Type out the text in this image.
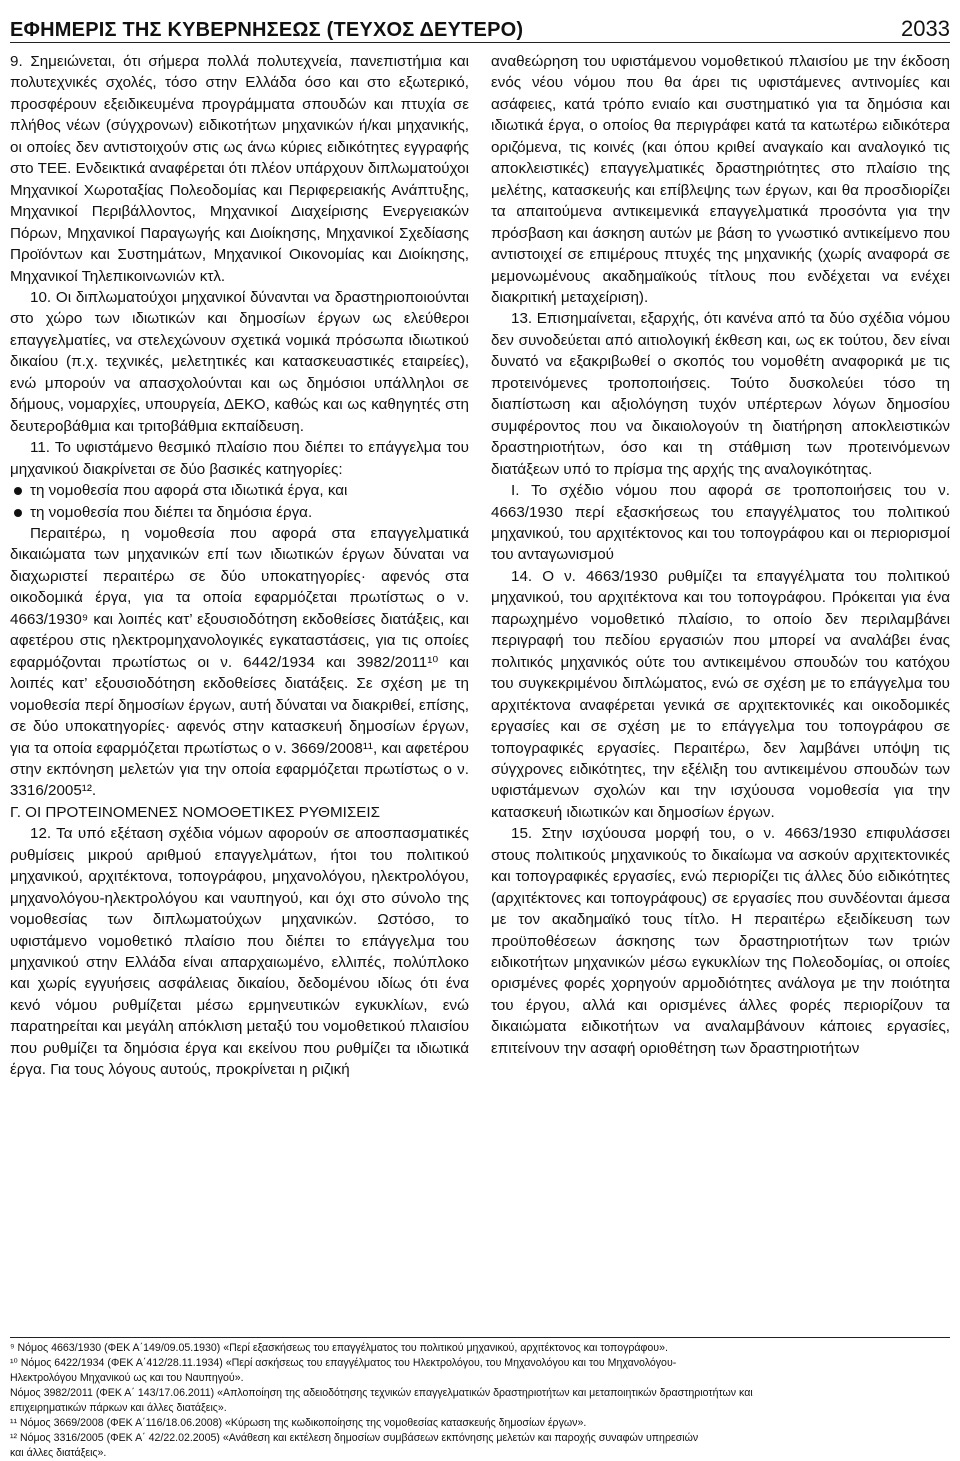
ΕΦΗΜΕΡΙΣ ΤΗΣ ΚΥΒΕΡΝΗΣΕΩΣ (ΤΕΥΧΟΣ ΔΕΥΤΕΡΟ)	2033

9. Σημειώνεται, ότι σήμερα πολλά πολυτεχνεία, πανεπιστήμια και πολυτεχνικές σχολές, τόσο στην Ελλάδα όσο και στο εξωτερικό, προσφέρουν εξειδικευμένα προγράμματα σπουδών και πτυχία σε πλήθος νέων (σύγχρονων) ειδικοτήτων μηχανικών ή/και μηχανικής, οι οποίες δεν αντιστοιχούν στις ως άνω κύριες ειδικότητες εγγραφής στο ΤΕΕ. Ενδεικτικά αναφέρεται ότι πλέον υπάρχουν διπλωματούχοι Μηχανικοί Χωροταξίας Πολεοδομίας και Περιφερειακής Ανάπτυξης, Μηχανικοί Περιβάλλοντος, Μηχανικοί Διαχείρισης Ενεργειακών Πόρων, Μηχανικοί Παραγωγής και Διοίκησης, Μηχανικοί Σχεδίασης Προϊόντων και Συστημάτων, Μηχανικοί Οικονομίας και Διοίκησης, Μηχανικοί Τηλεπικοινωνιών κτλ.

10. Οι διπλωματούχοι μηχανικοί δύνανται να δραστηριοποιούνται στο χώρο των ιδιωτικών και δημοσίων έργων ως ελεύθεροι επαγγελματίες, να στελεχώνουν σχετικά νομικά πρόσωπα ιδιωτικού δικαίου (π.χ. τεχνικές, μελετητικές και κατασκευαστικές εταιρείες), ενώ μπορούν να απασχολούνται και ως δημόσιοι υπάλληλοι σε δήμους, νομαρχίες, υπουργεία, ΔΕΚΟ, καθώς και ως καθηγητές στη δευτεροβάθμια και τριτοβάθμια εκπαίδευση.

11. Το υφιστάμενο θεσμικό πλαίσιο που διέπει το επάγγελμα του μηχανικού διακρίνεται σε δύο βασικές κατηγορίες:

τη νομοθεσία που αφορά στα ιδιωτικά έργα, και
τη νομοθεσία που διέπει τα δημόσια έργα.

Περαιτέρω, η νομοθεσία που αφορά στα επαγγελματικά δικαιώματα των μηχανικών επί των ιδιωτικών έργων δύναται να διαχωριστεί περαιτέρω σε δύο υποκατηγορίες· αφενός στα οικοδομικά έργα, για τα οποία εφαρμόζεται πρωτίστως ο ν. 4663/1930⁹ και λοιπές κατ’ εξουσιοδότηση εκδοθείσες διατάξεις, και αφετέρου στις ηλεκτρομηχανολογικές εγκαταστάσεις, για τις οποίες εφαρμόζονται πρωτίστως οι ν. 6442/1934 και 3982/2011¹⁰ και λοιπές κατ’ εξουσιοδότηση εκδοθείσες διατάξεις. Σε σχέση με τη νομοθεσία περί δημοσίων έργων, αυτή δύναται να διακριθεί, επίσης, σε δύο υποκατηγορίες· αφενός στην κατασκευή δημοσίων έργων, για τα οποία εφαρμόζεται πρωτίστως ο ν. 3669/2008¹¹, και αφετέρου στην εκπόνηση μελετών για την οποία εφαρμόζεται πρωτίστως ο ν. 3316/2005¹².

Γ. ΟΙ ΠΡΟΤΕΙΝΟΜΕΝΕΣ ΝΟΜΟΘΕΤΙΚΕΣ ΡΥΘΜΙΣΕΙΣ

12. Τα υπό εξέταση σχέδια νόμων αφορούν σε αποσπασματικές ρυθμίσεις μικρού αριθμού επαγγελμάτων, ήτοι του πολιτικού μηχανικού, αρχιτέκτονα, τοπογράφου, μηχανολόγου, ηλεκτρολόγου, μηχανολόγου-ηλεκτρολόγου και ναυπηγού, και όχι στο σύνολο της νομοθεσίας των διπλωματούχων μηχανικών. Ωστόσο, το υφιστάμενο νομοθετικό πλαίσιο που διέπει το επάγγελμα του μηχανικού στην Ελλάδα είναι απαρχαιωμένο, ελλιπές, πολύπλοκο και χωρίς εγγυήσεις ασφάλειας δικαίου, δεδομένου ιδίως ότι ένα κενό νόμου ρυθμίζεται μέσω ερμηνευτικών εγκυκλίων, ενώ παρατηρείται και μεγάλη απόκλιση μεταξύ του νομοθετικού πλαισίου που ρυθμίζει τα δημόσια έργα και εκείνου που ρυθμίζει τα ιδιωτικά έργα. Για τους λόγους αυτούς, προκρίνεται η ριζική

αναθεώρηση του υφιστάμενου νομοθετικού πλαισίου με την έκδοση ενός νέου νόμου που θα άρει τις υφιστάμενες αντινομίες και ασάφειες, κατά τρόπο ενιαίο και συστηματικό για τα δημόσια και ιδιωτικά έργα, ο οποίος θα περιγράφει κατά τα κατωτέρω ειδικότερα οριζόμενα, τις κοινές (και όπου κριθεί αναγκαίο και αναλογικό τις αποκλειστικές) επαγγελματικές δραστηριότητες στο πλαίσιο της μελέτης, κατασκευής και επίβλεψης των έργων, και θα προσδιορίζει τα απαιτούμενα αντικειμενικά επαγγελματικά προσόντα για την πρόσβαση και άσκηση αυτών με βάση το γνωστικό αντικείμενο που αντιστοιχεί σε επιμέρους πτυχές της μηχανικής (χωρίς αναφορά σε μεμονωμένους ακαδημαϊκούς τίτλους που ενδέχεται να ενέχει διακριτική μεταχείριση).

13. Επισημαίνεται, εξαρχής, ότι κανένα από τα δύο σχέδια νόμου δεν συνοδεύεται από αιτιολογική έκθεση και, ως εκ τούτου, δεν είναι δυνατό να εξακριβωθεί ο σκοπός του νομοθέτη αναφορικά με τις προτεινόμενες τροποποιήσεις. Τούτο δυσκολεύει τόσο τη διαπίστωση και αξιολόγηση τυχόν υπέρτερων λόγων δημοσίου συμφέροντος που να δικαιολογούν τη διατήρηση αποκλειστικών δραστηριοτήτων, όσο και τη στάθμιση των προτεινόμενων διατάξεων υπό το πρίσμα της αρχής της αναλογικότητας.

Ι. Το σχέδιο νόμου που αφορά σε τροποποιήσεις του ν. 4663/1930 περί εξασκήσεως του επαγγέλματος του πολιτικού μηχανικού, του αρχιτέκτονος και του τοπογράφου και οι περιορισμοί του ανταγωνισμού

14. Ο ν. 4663/1930 ρυθμίζει τα επαγγέλματα του πολιτικού μηχανικού, του αρχιτέκτονα και του τοπογράφου. Πρόκειται για ένα παρωχημένο νομοθετικό πλαίσιο, το οποίο δεν περιλαμβάνει περιγραφή του πεδίου εργασιών που μπορεί να αναλάβει ένας πολιτικός μηχανικός ούτε του αντικειμένου σπουδών του κατόχου του συγκεκριμένου διπλώματος, ενώ σε σχέση με το επάγγελμα του αρχιτέκτονα αναφέρεται γενικά σε αρχιτεκτονικές και οικοδομικές εργασίες και σε σχέση με το επάγγελμα του τοπογράφου σε τοπογραφικές εργασίες. Περαιτέρω, δεν λαμβάνει υπόψη τις σύγχρονες ειδικότητες, την εξέλιξη του αντικειμένου σπουδών των υφιστάμενων σχολών και την ισχύουσα νομοθεσία για την κατασκευή ιδιωτικών και δημοσίων έργων.

15. Στην ισχύουσα μορφή του, ο ν. 4663/1930 επιφυλάσσει στους πολιτικούς μηχανικούς το δικαίωμα να ασκούν αρχιτεκτονικές και τοπογραφικές εργασίες, ενώ περιορίζει τις άλλες δύο ειδικότητες (αρχιτέκτονες και τοπογράφους) σε εργασίες που συνδέονται άμεσα με τον ακαδημαϊκό τους τίτλο. Η περαιτέρω εξειδίκευση των προϋποθέσεων άσκησης των δραστηριοτήτων των τριών ειδικοτήτων μηχανικών μέσω εγκυκλίων της Πολεοδομίας, οι οποίες ορισμένες φορές χορηγούν αρμοδιότητες ανάλογα με την ποιότητα του έργου, αλλά και ορισμένες άλλες φορές περιορίζουν τα δικαιώματα ειδικοτήτων να αναλαμβάνουν κάποιες εργασίες, επιτείνουν την ασαφή οριοθέτηση των δραστηριοτήτων

⁹ Νόμος 4663/1930 (ΦΕΚ Α΄149/09.05.1930) «Περί εξασκήσεως του επαγγέλματος του πολιτικού μηχανικού, αρχιτέκτονος και τοπογράφου».
¹⁰ Νόμος 6422/1934 (ΦΕΚ Α΄412/28.11.1934) «Περί ασκήσεως του επαγγέλματος του Ηλεκτρολόγου, του Μηχανολόγου και του Μηχανολόγου-
Ηλεκτρολόγου Μηχανικού ως και του Ναυπηγού».
Νόμος 3982/2011 (ΦΕΚ Α΄ 143/17.06.2011) «Απλοποίηση της αδειοδότησης τεχνικών επαγγελματικών δραστηριοτήτων και μεταποιητικών δραστηριοτήτων και
επιχειρηματικών πάρκων και άλλες διατάξεις».
¹¹ Νόμος 3669/2008 (ΦΕΚ Α΄116/18.06.2008) «Κύρωση της κωδικοποίησης της νομοθεσίας κατασκευής δημοσίων έργων».
¹² Νόμος 3316/2005 (ΦΕΚ Α΄ 42/22.02.2005) «Ανάθεση και εκτέλεση δημοσίων συμβάσεων εκπόνησης μελετών και παροχής συναφών υπηρεσιών
και άλλες διατάξεις».
